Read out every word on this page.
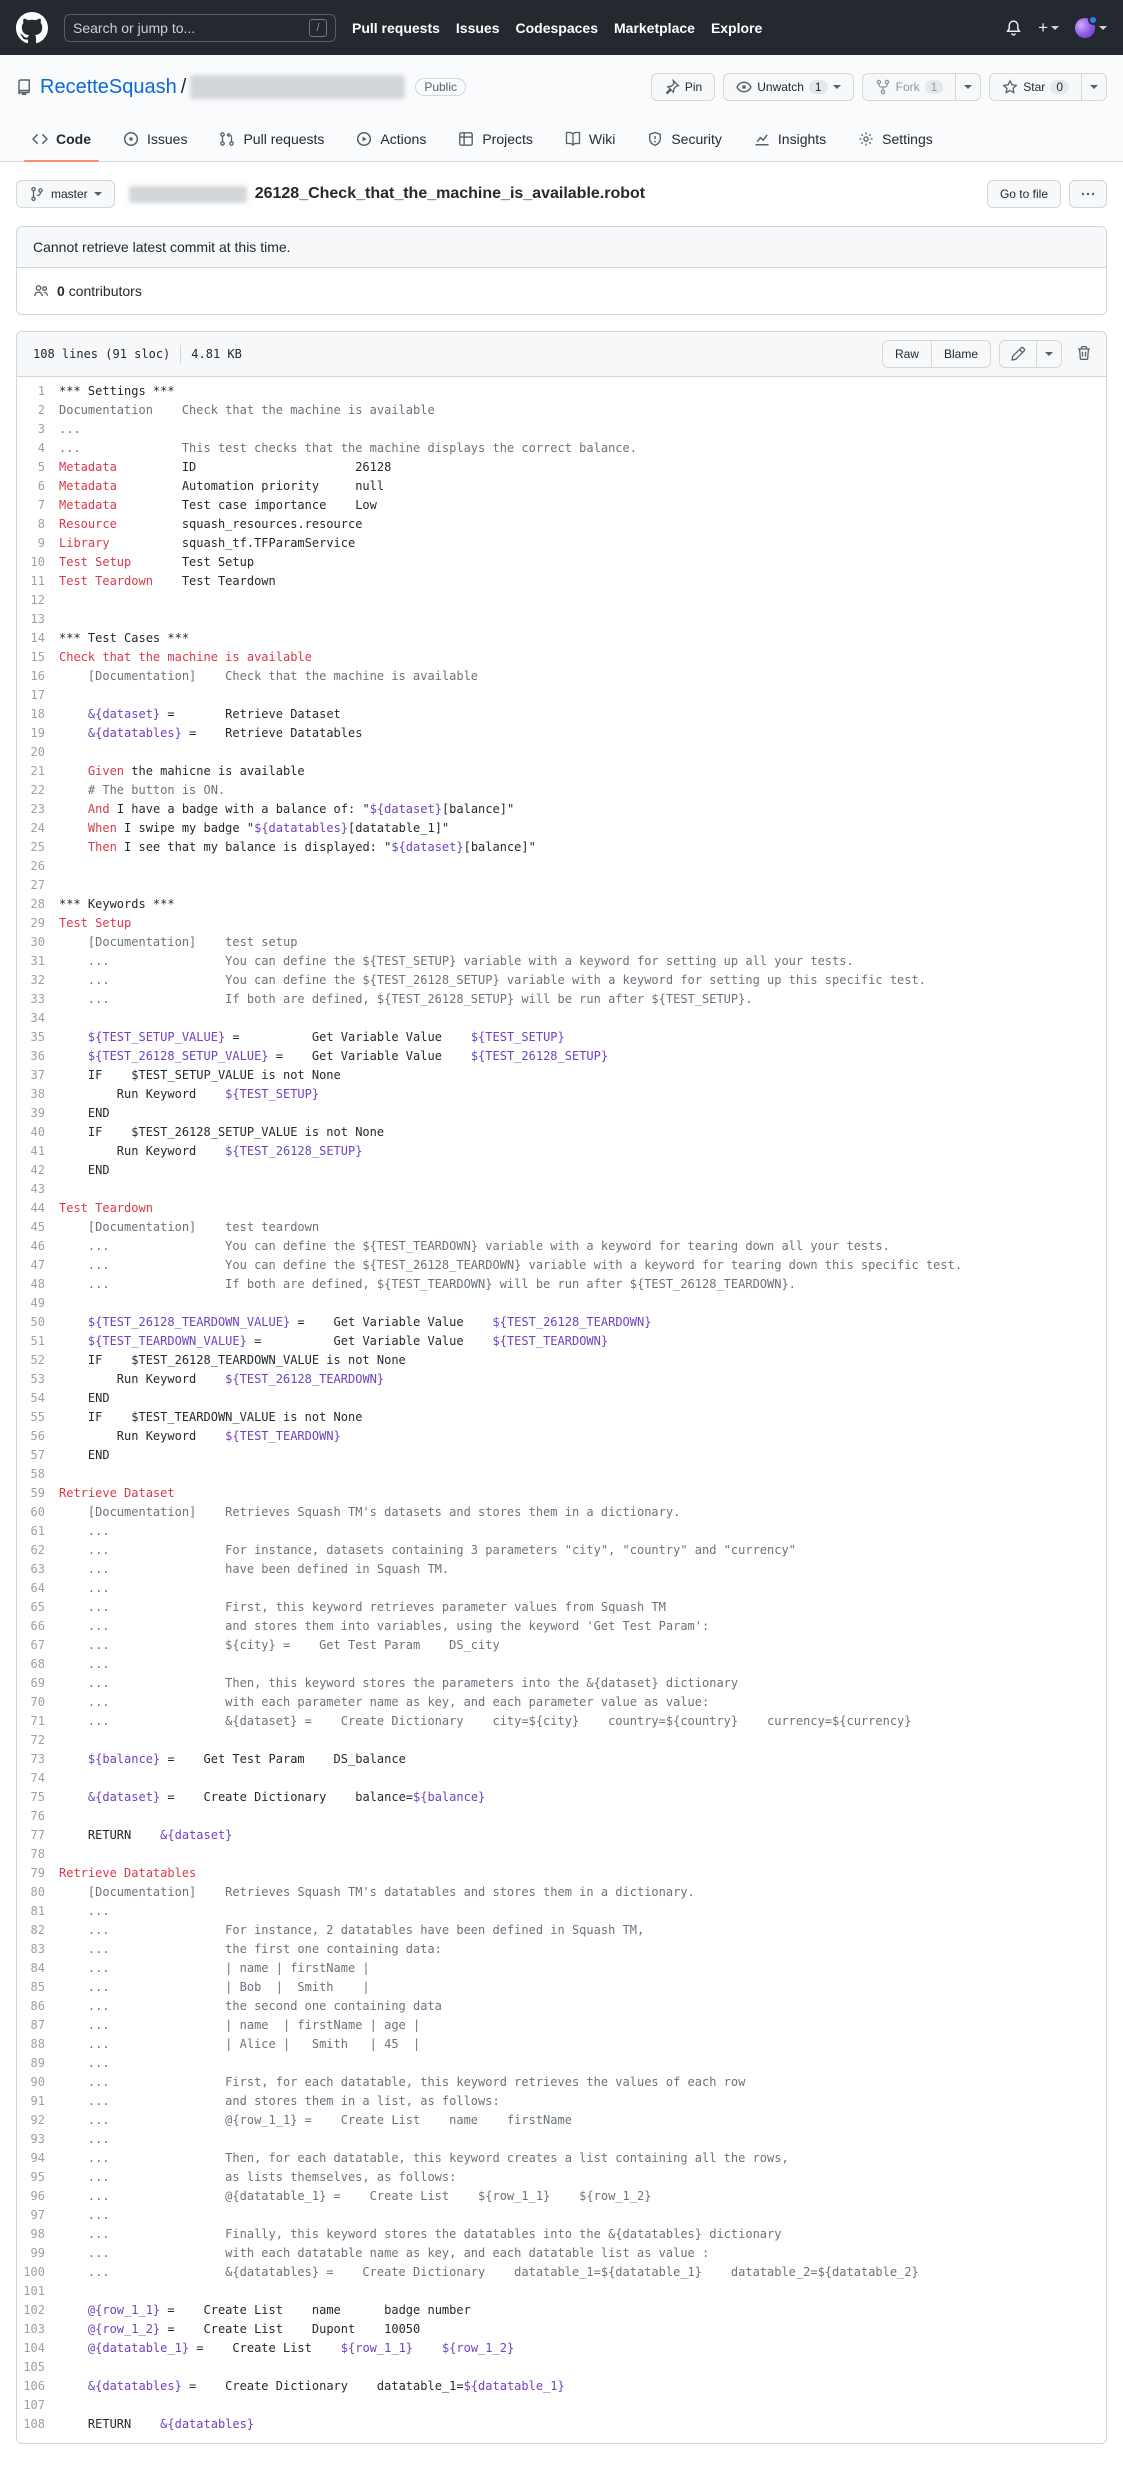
Search or jump to...	/	Pull requests Issues Codespaces Marketplace Explore	+
RecetteSquash /	Public	Pin	Unwatch 1	Fork 1	Star 0
Code	Issues	Pull requests	Actions	Projects	Wiki	Security	Insights	Settings
master	26128_Check_that_the_machine_is_available.robot	Go to file
Cannot retrieve latest commit at this time.
0 contributors
108 lines (91 sloc) 4.81 KB	Raw	Blame
1	*** Settings ***
2	Documentation    Check that the machine is available
3	...
4	...              This test checks that the machine displays the correct balance.
5	Metadata         ID                      26128
6	Metadata         Automation priority     null
7	Metadata         Test case importance    Low
8	Resource         squash_resources.resource
9	Library          squash_tf.TFParamService
10	Test Setup       Test Setup
11	Test Teardown    Test Teardown
12
13
14	*** Test Cases ***
15	Check that the machine is available
16	[Documentation]    Check that the machine is available
17
18	&{dataset} =       Retrieve Dataset
19	&{datatables} =    Retrieve Datatables
20
21	Given the mahicne is available
22	# The button is ON.
23	And I have a badge with a balance of: "${dataset}[balance]"
24	When I swipe my badge "${datatables}[datatable_1]"
25	Then I see that my balance is displayed: "${dataset}[balance]"
26
27
28	*** Keywords ***
29	Test Setup
30	[Documentation]    test setup
31	...                You can define the ${TEST_SETUP} variable with a keyword for setting up all your tests.
32	...                You can define the ${TEST_26128_SETUP} variable with a keyword for setting up this specific test.
33	...                If both are defined, ${TEST_26128_SETUP} will be run after ${TEST_SETUP}.
34
35	${TEST_SETUP_VALUE} =          Get Variable Value    ${TEST_SETUP}
36	${TEST_26128_SETUP_VALUE} =    Get Variable Value    ${TEST_26128_SETUP}
37	IF    $TEST_SETUP_VALUE is not None
38	Run Keyword    ${TEST_SETUP}
39	END
40	IF    $TEST_26128_SETUP_VALUE is not None
41	Run Keyword    ${TEST_26128_SETUP}
42	END
43
44	Test Teardown
45	[Documentation]    test teardown
46	...                You can define the ${TEST_TEARDOWN} variable with a keyword for tearing down all your tests.
47	...                You can define the ${TEST_26128_TEARDOWN} variable with a keyword for tearing down this specific test.
48	...                If both are defined, ${TEST_TEARDOWN} will be run after ${TEST_26128_TEARDOWN}.
49
50	${TEST_26128_TEARDOWN_VALUE} =    Get Variable Value    ${TEST_26128_TEARDOWN}
51	${TEST_TEARDOWN_VALUE} =          Get Variable Value    ${TEST_TEARDOWN}
52	IF    $TEST_26128_TEARDOWN_VALUE is not None
53	Run Keyword    ${TEST_26128_TEARDOWN}
54	END
55	IF    $TEST_TEARDOWN_VALUE is not None
56	Run Keyword    ${TEST_TEARDOWN}
57	END
58
59	Retrieve Dataset
60	[Documentation]    Retrieves Squash TM's datasets and stores them in a dictionary.
61	...
62	...                For instance, datasets containing 3 parameters "city", "country" and "currency"
63	...                have been defined in Squash TM.
64	...
65	...                First, this keyword retrieves parameter values from Squash TM
66	...                and stores them into variables, using the keyword 'Get Test Param':
67	...                ${city} =    Get Test Param    DS_city
68	...
69	...                Then, this keyword stores the parameters into the &{dataset} dictionary
70	...                with each parameter name as key, and each parameter value as value:
71	...                &{dataset} =    Create Dictionary    city=${city}    country=${country}    currency=${currency}
72
73	${balance} =    Get Test Param    DS_balance
74
75	&{dataset} =    Create Dictionary    balance=${balance}
76
77	RETURN    &{dataset}
78
79	Retrieve Datatables
80	[Documentation]    Retrieves Squash TM's datatables and stores them in a dictionary.
81	...
82	...                For instance, 2 datatables have been defined in Squash TM,
83	...                the first one containing data:
84	...                | name | firstName |
85	...                | Bob  |  Smith    |
86	...                the second one containing data
87	...                | name  | firstName | age |
88	...                | Alice |   Smith   | 45  |
89	...
90	...                First, for each datatable, this keyword retrieves the values of each row
91	...                and stores them in a list, as follows:
92	...                @{row_1_1} =    Create List    name    firstName
93	...
94	...                Then, for each datatable, this keyword creates a list containing all the rows,
95	...                as lists themselves, as follows:
96	...                @{datatable_1} =    Create List    ${row_1_1}    ${row_1_2}
97	...
98	...                Finally, this keyword stores the datatables into the &{datatables} dictionary
99	...                with each datatable name as key, and each datatable list as value :
100	...                &{datatables} =    Create Dictionary    datatable_1=${datatable_1}    datatable_2=${datatable_2}
101
102	@{row_1_1} =    Create List    name      badge number
103	@{row_1_2} =    Create List    Dupont    10050
104	@{datatable_1} =    Create List    ${row_1_1} ${row_1_2}
105
106	&{datatables} =    Create Dictionary    datatable_1=${datatable_1}
107
108	RETURN    &{datatables}
